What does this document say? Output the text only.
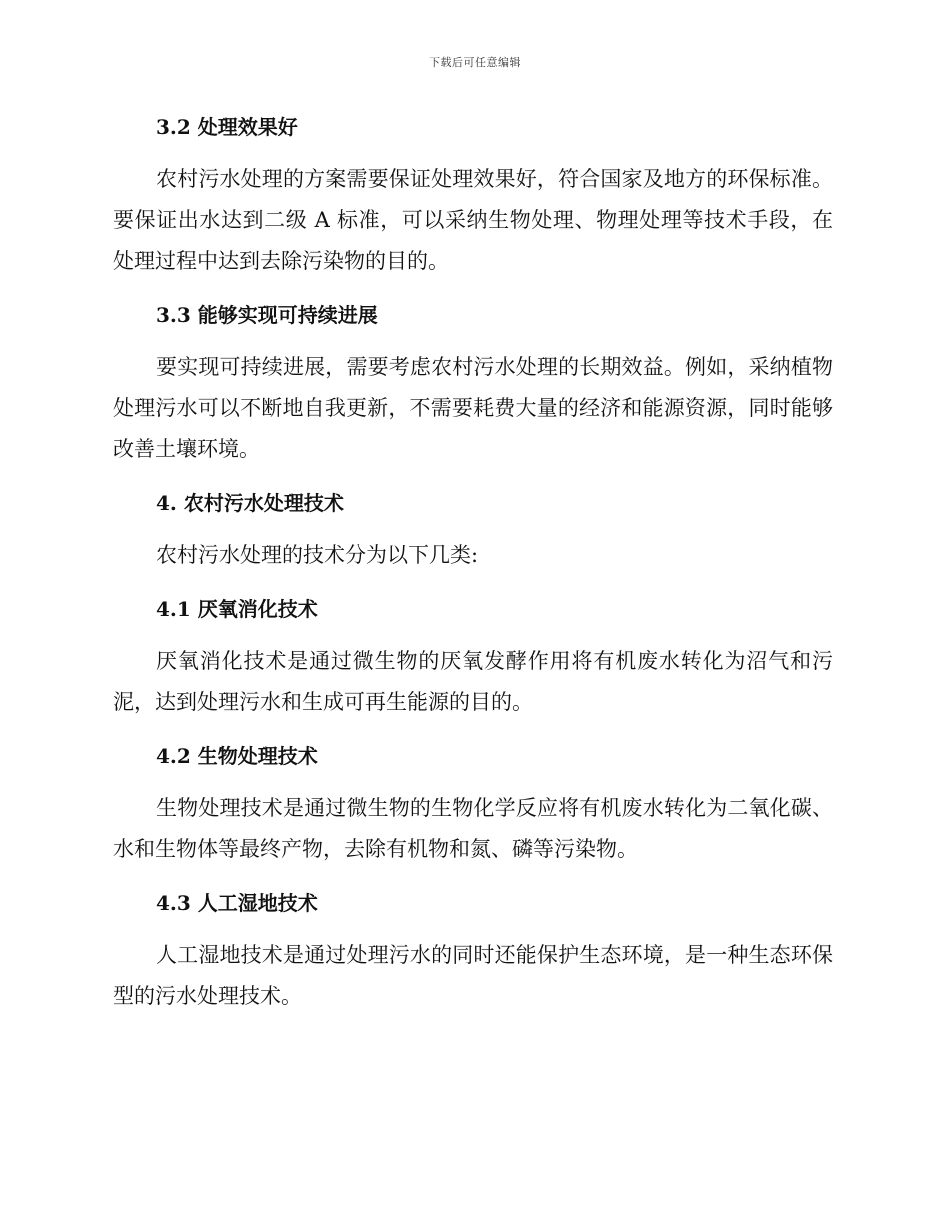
下载后可任意编辑
3.2 处理效果好

农村污水处理的方案需要保证处理效果好，符合国家及地方的环保标准。要保证出水达到二级 A 标准，可以采纳生物处理、物理处理等技术手段，在处理过程中达到去除污染物的目的。

3.3 能够实现可持续进展

要实现可持续进展，需要考虑农村污水处理的长期效益。例如，采纳植物处理污水可以不断地自我更新，不需要耗费大量的经济和能源资源，同时能够改善土壤环境。

4. 农村污水处理技术

农村污水处理的技术分为以下几类:

4.1 厌氧消化技术

厌氧消化技术是通过微生物的厌氧发酵作用将有机废水转化为沼气和污泥，达到处理污水和生成可再生能源的目的。

4.2 生物处理技术

生物处理技术是通过微生物的生物化学反应将有机废水转化为二氧化碳、水和生物体等最终产物，去除有机物和氮、磷等污染物。

4.3 人工湿地技术

人工湿地技术是通过处理污水的同时还能保护生态环境，是一种生态环保型的污水处理技术。
